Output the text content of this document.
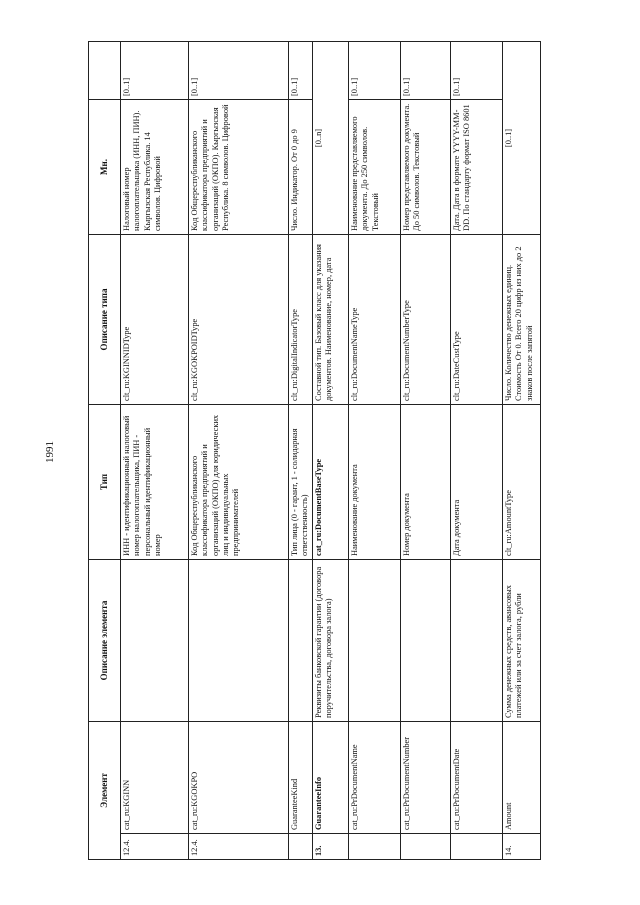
1991
Элемент		Описание элемента	Тип	Описание типа	Мн.	
12.4.	cat_ru:KGINN		ИНН - идентификационный налоговый номер налогоплательщика, ПИН - персональный идентификационный номер	clt_ru:KGINNIDType	Налоговый номер налогоплательщика (ИНН, ПИН). Кыргызская Республика. 14 символов. Цифровой	[0..1]
12.4.	cat_ru:KGOKPO		Код Общереспубликанского классификатора предприятий и организаций (ОКПО) для юридических лиц и индивидуальных предпринимателей	clt_ru:KGOKPOIDType	Код Общереспубликанского классификатора предприятий и организаций (ОКПО). Кыргызская Республика. 8 символов. Цифровой	[0..1]
	GuaranteeKind		Тип лица (0 - гарант, 1 - солидарная ответственность)	clt_ru:DigitalIndicatorType	Число. Индикатор. От 0 до 9	[0..1]
13.	GuaranteeInfo	Реквизиты банковской гарантии (договора поручительства, договора залога)	cat_ru:DocumentBaseType	Составной тип. Базовый класс для указания документов. Наименование, номер, дата	[0..n]	
	cat_ru:PrDocumentName		Наименование документа	clt_ru:DocumentNameType	Наименование представляемого документа. До 250 символов. Текстовый	[0..1]
	cat_ru:PrDocumentNumber		Номер документа	clt_ru:DocumentNumberType	Номер представляемого документа. До 50 символов. Текстовый	[0..1]
	cat_ru:PrDocumentDate		Дата документа	clt_ru:DateCustType	Дата. Дата в формате YYYY-MM-DD. По стандарту формат ISO 8601	[0..1]
14.	Amount	Сумма денежных средств, авансовых платежей или за счет залога, рубли	clt_ru:AmountType	Число. Количество денежных единиц. Стоимость От 0. Всего 20 цифр из них до 2 знаков после запятой	[0..1]	
